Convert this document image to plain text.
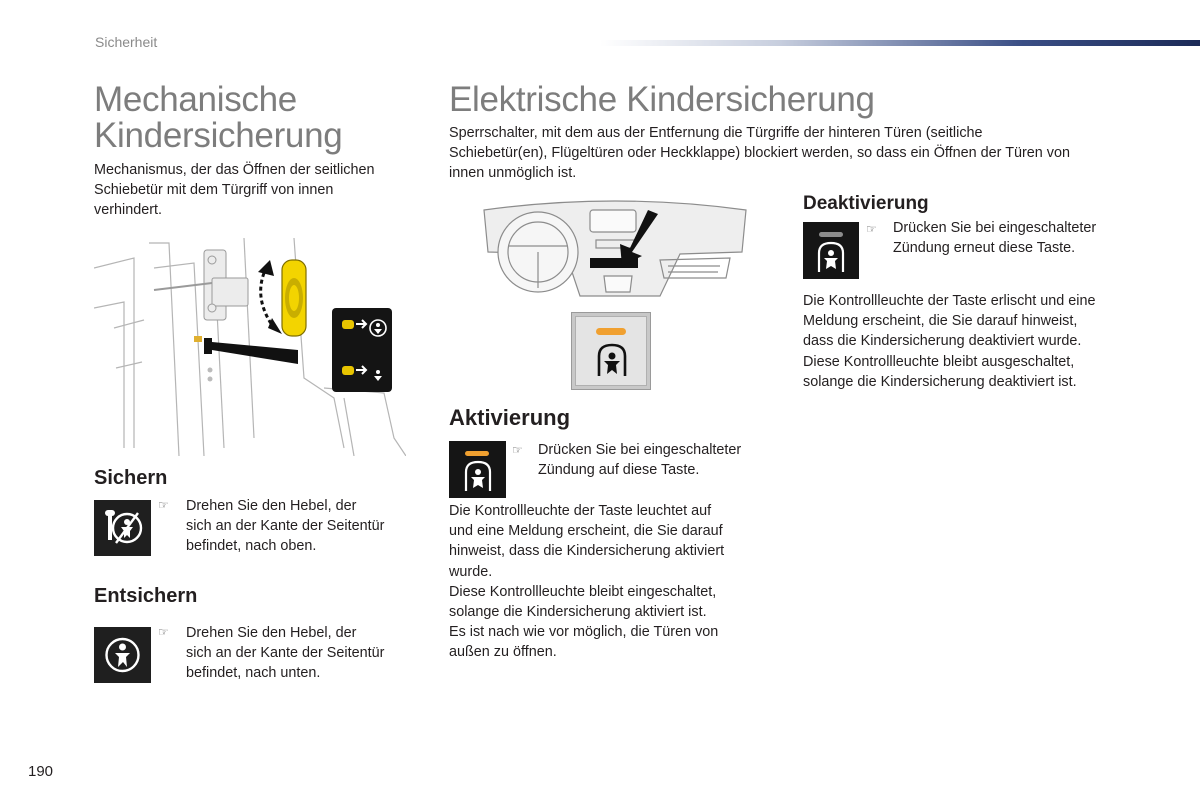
Sicherheit
Mechanische
Kindersicherung
Mechanismus, der das Öffnen der seitlichen
Schiebetür mit dem Türgriff von innen
verhindert.
Sichern
☞ Drehen Sie den Hebel, der
sich an der Kante der Seitentür
befindet, nach oben.
Entsichern
☞ Drehen Sie den Hebel, der
sich an der Kante der Seitentür
befindet, nach unten.
Elektrische Kindersicherung
Sperrschalter, mit dem aus der Entfernung die Türgriffe der hinteren Türen (seitliche
Schiebetür(en), Flügeltüren oder Heckklappe) blockiert werden, so dass ein Öffnen der Türen von
innen unmöglich ist.
Aktivierung
☞ Drücken Sie bei eingeschalteter
Zündung auf diese Taste.
Die Kontrollleuchte der Taste leuchtet auf
und eine Meldung erscheint, die Sie darauf
hinweist, dass die Kindersicherung aktiviert
wurde.
Diese Kontrollleuchte bleibt eingeschaltet,
solange die Kindersicherung aktiviert ist.
Es ist nach wie vor möglich, die Türen von
außen zu öffnen.
Deaktivierung
☞ Drücken Sie bei eingeschalteter
Zündung erneut diese Taste.
Die Kontrollleuchte der Taste erlischt und eine
Meldung erscheint, die Sie darauf hinweist,
dass die Kindersicherung deaktiviert wurde.
Diese Kontrollleuchte bleibt ausgeschaltet,
solange die Kindersicherung deaktiviert ist.
190
